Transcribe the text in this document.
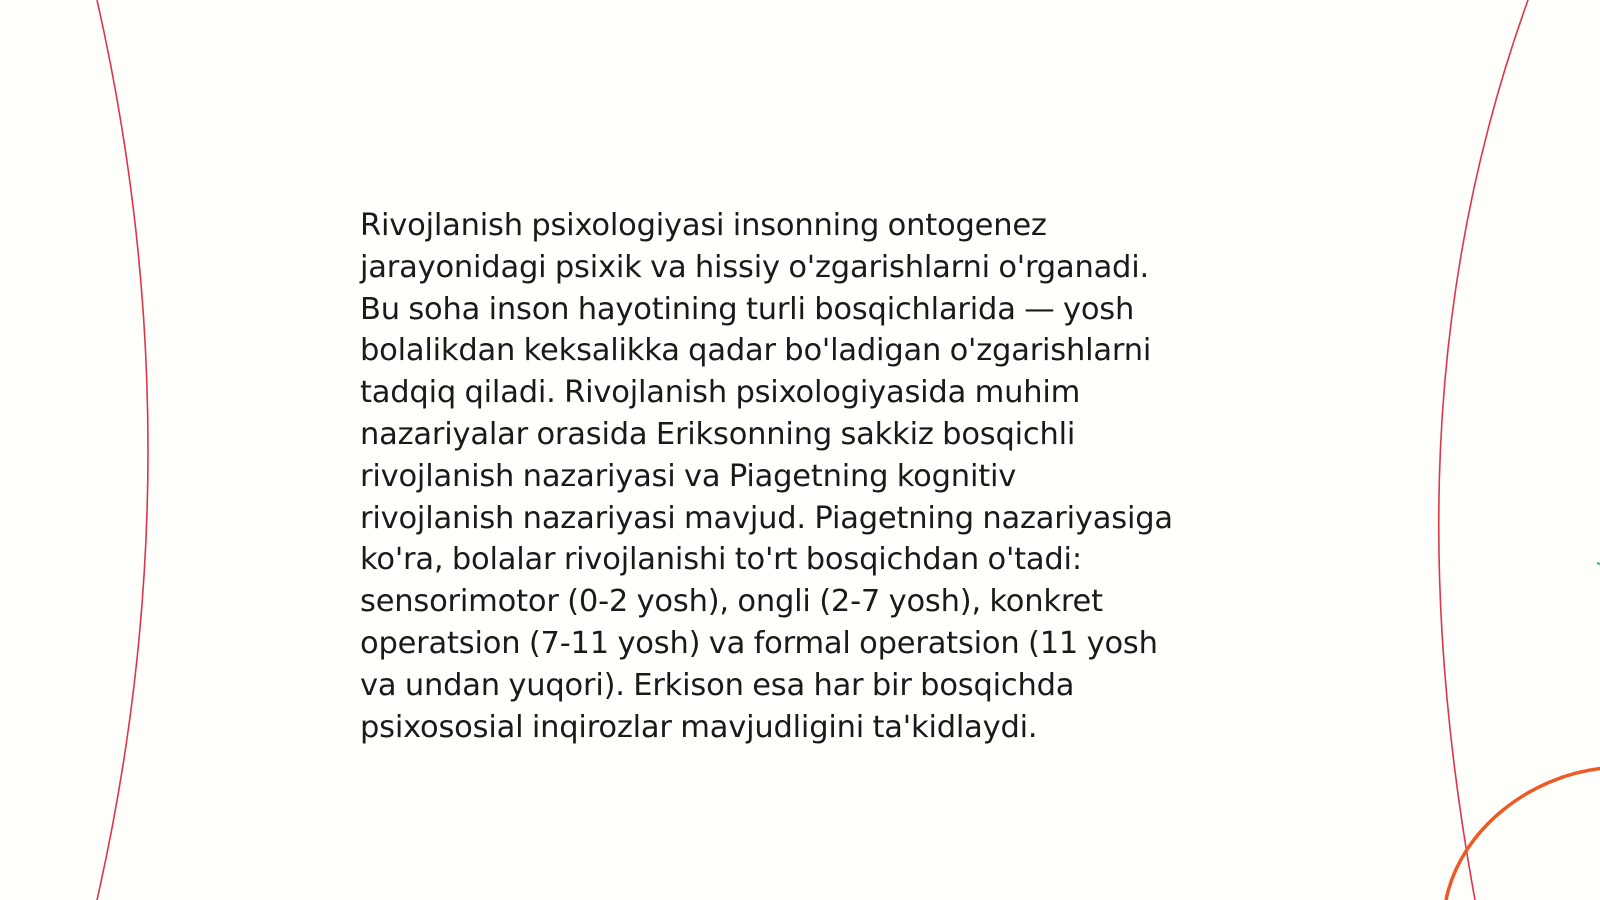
Rivojlanish psixologiyasi insonning ontogenez
jarayonidagi psixik va hissiy o'zgarishlarni o'rganadi.
Bu soha inson hayotining turli bosqichlarida — yosh
bolalikdan keksalikka qadar bo'ladigan o'zgarishlarni
tadqiq qiladi. Rivojlanish psixologiyasida muhim
nazariyalar orasida Eriksonning sakkiz bosqichli
rivojlanish nazariyasi va Piagetning kognitiv
rivojlanish nazariyasi mavjud. Piagetning nazariyasiga
ko'ra, bolalar rivojlanishi to'rt bosqichdan o'tadi:
sensorimotor (0-2 yosh), ongli (2-7 yosh), konkret
operatsion (7-11 yosh) va formal operatsion (11 yosh
va undan yuqori). Erkison esa har bir bosqichda
psixososial inqirozlar mavjudligini ta'kidlaydi.
